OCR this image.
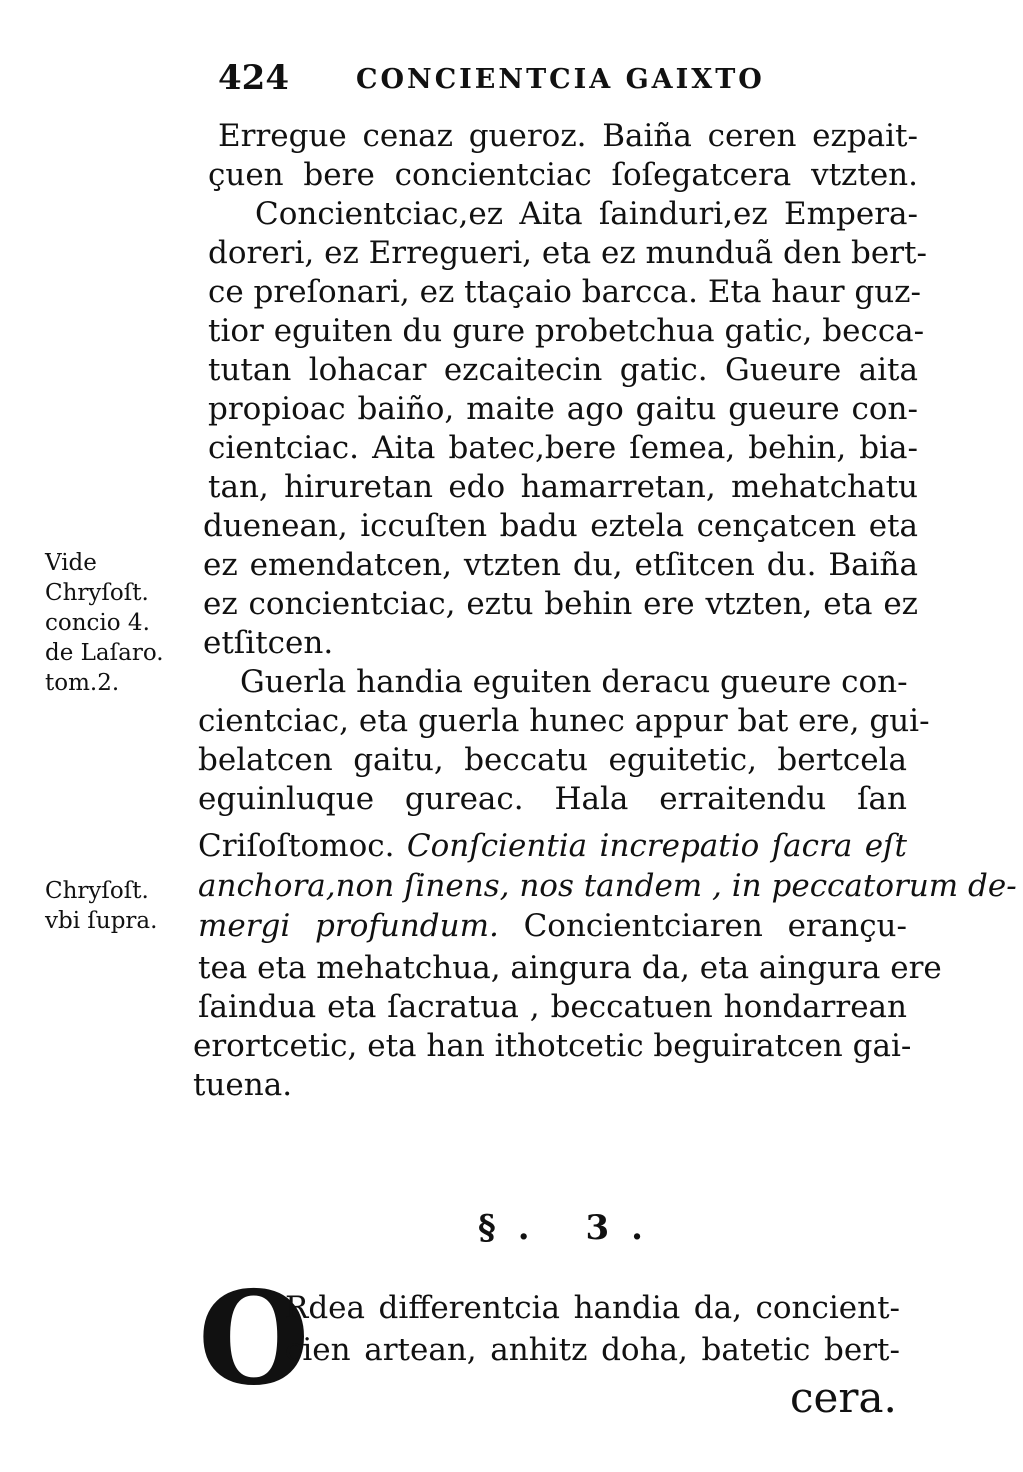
424 CONCIENTCIA GAIXTO
Erregue cenaz gueroz. Baiña ceren ezpait-
çuen bere concientciac ſoſegatcera vtzten.
Concientciac,ez Aita ſainduri,ez Empera-
doreri, ez Erregueri, eta ez munduã den bert-
ce preſonari, ez ttaçaio barcca. Eta haur guz-
tior eguiten du gure probetchua gatic, becca-
tutan lohacar ezcaitecin gatic. Gueure aita
propioac baiño, maite ago gaitu gueure con-
cientciac. Aita batec,bere ſemea, behin, bia-
tan, hiruretan edo hamarretan, mehatchatu
duenean, iccuſten badu eztela cençatcen eta
ez emendatcen, vtzten du, etſitcen du. Baiña
ez concientciac, eztu behin ere vtzten, eta ez
etſitcen.
Guerla handia eguiten deracu gueure con-
cientciac, eta guerla hunec appur bat ere, gui-
belatcen gaitu, beccatu eguitetic, bertcela
eguinluque gureac. Hala erraitendu ſan
Criſoſtomoc. Conſcientia increpatio ſacra eſt
anchora,non ſinens, nos tandem , in peccatorum de-
mergi profundum. Concientciaren erançu-
tea eta mehatchua, aingura da, eta aingura ere
ſaindua eta ſacratua , beccatuen hondarrean
erortcetic, eta han ithotcetic beguiratcen gai-
tuena.
Vide
Chryſoſt.
concio 4.
de Laſaro.
tom.2.
Chryſoſt.
vbi ſupra.
§. 3.
O
Rdea differentcia handia da, concient-
cien artean, anhitz doha, batetic bert-
cera.
